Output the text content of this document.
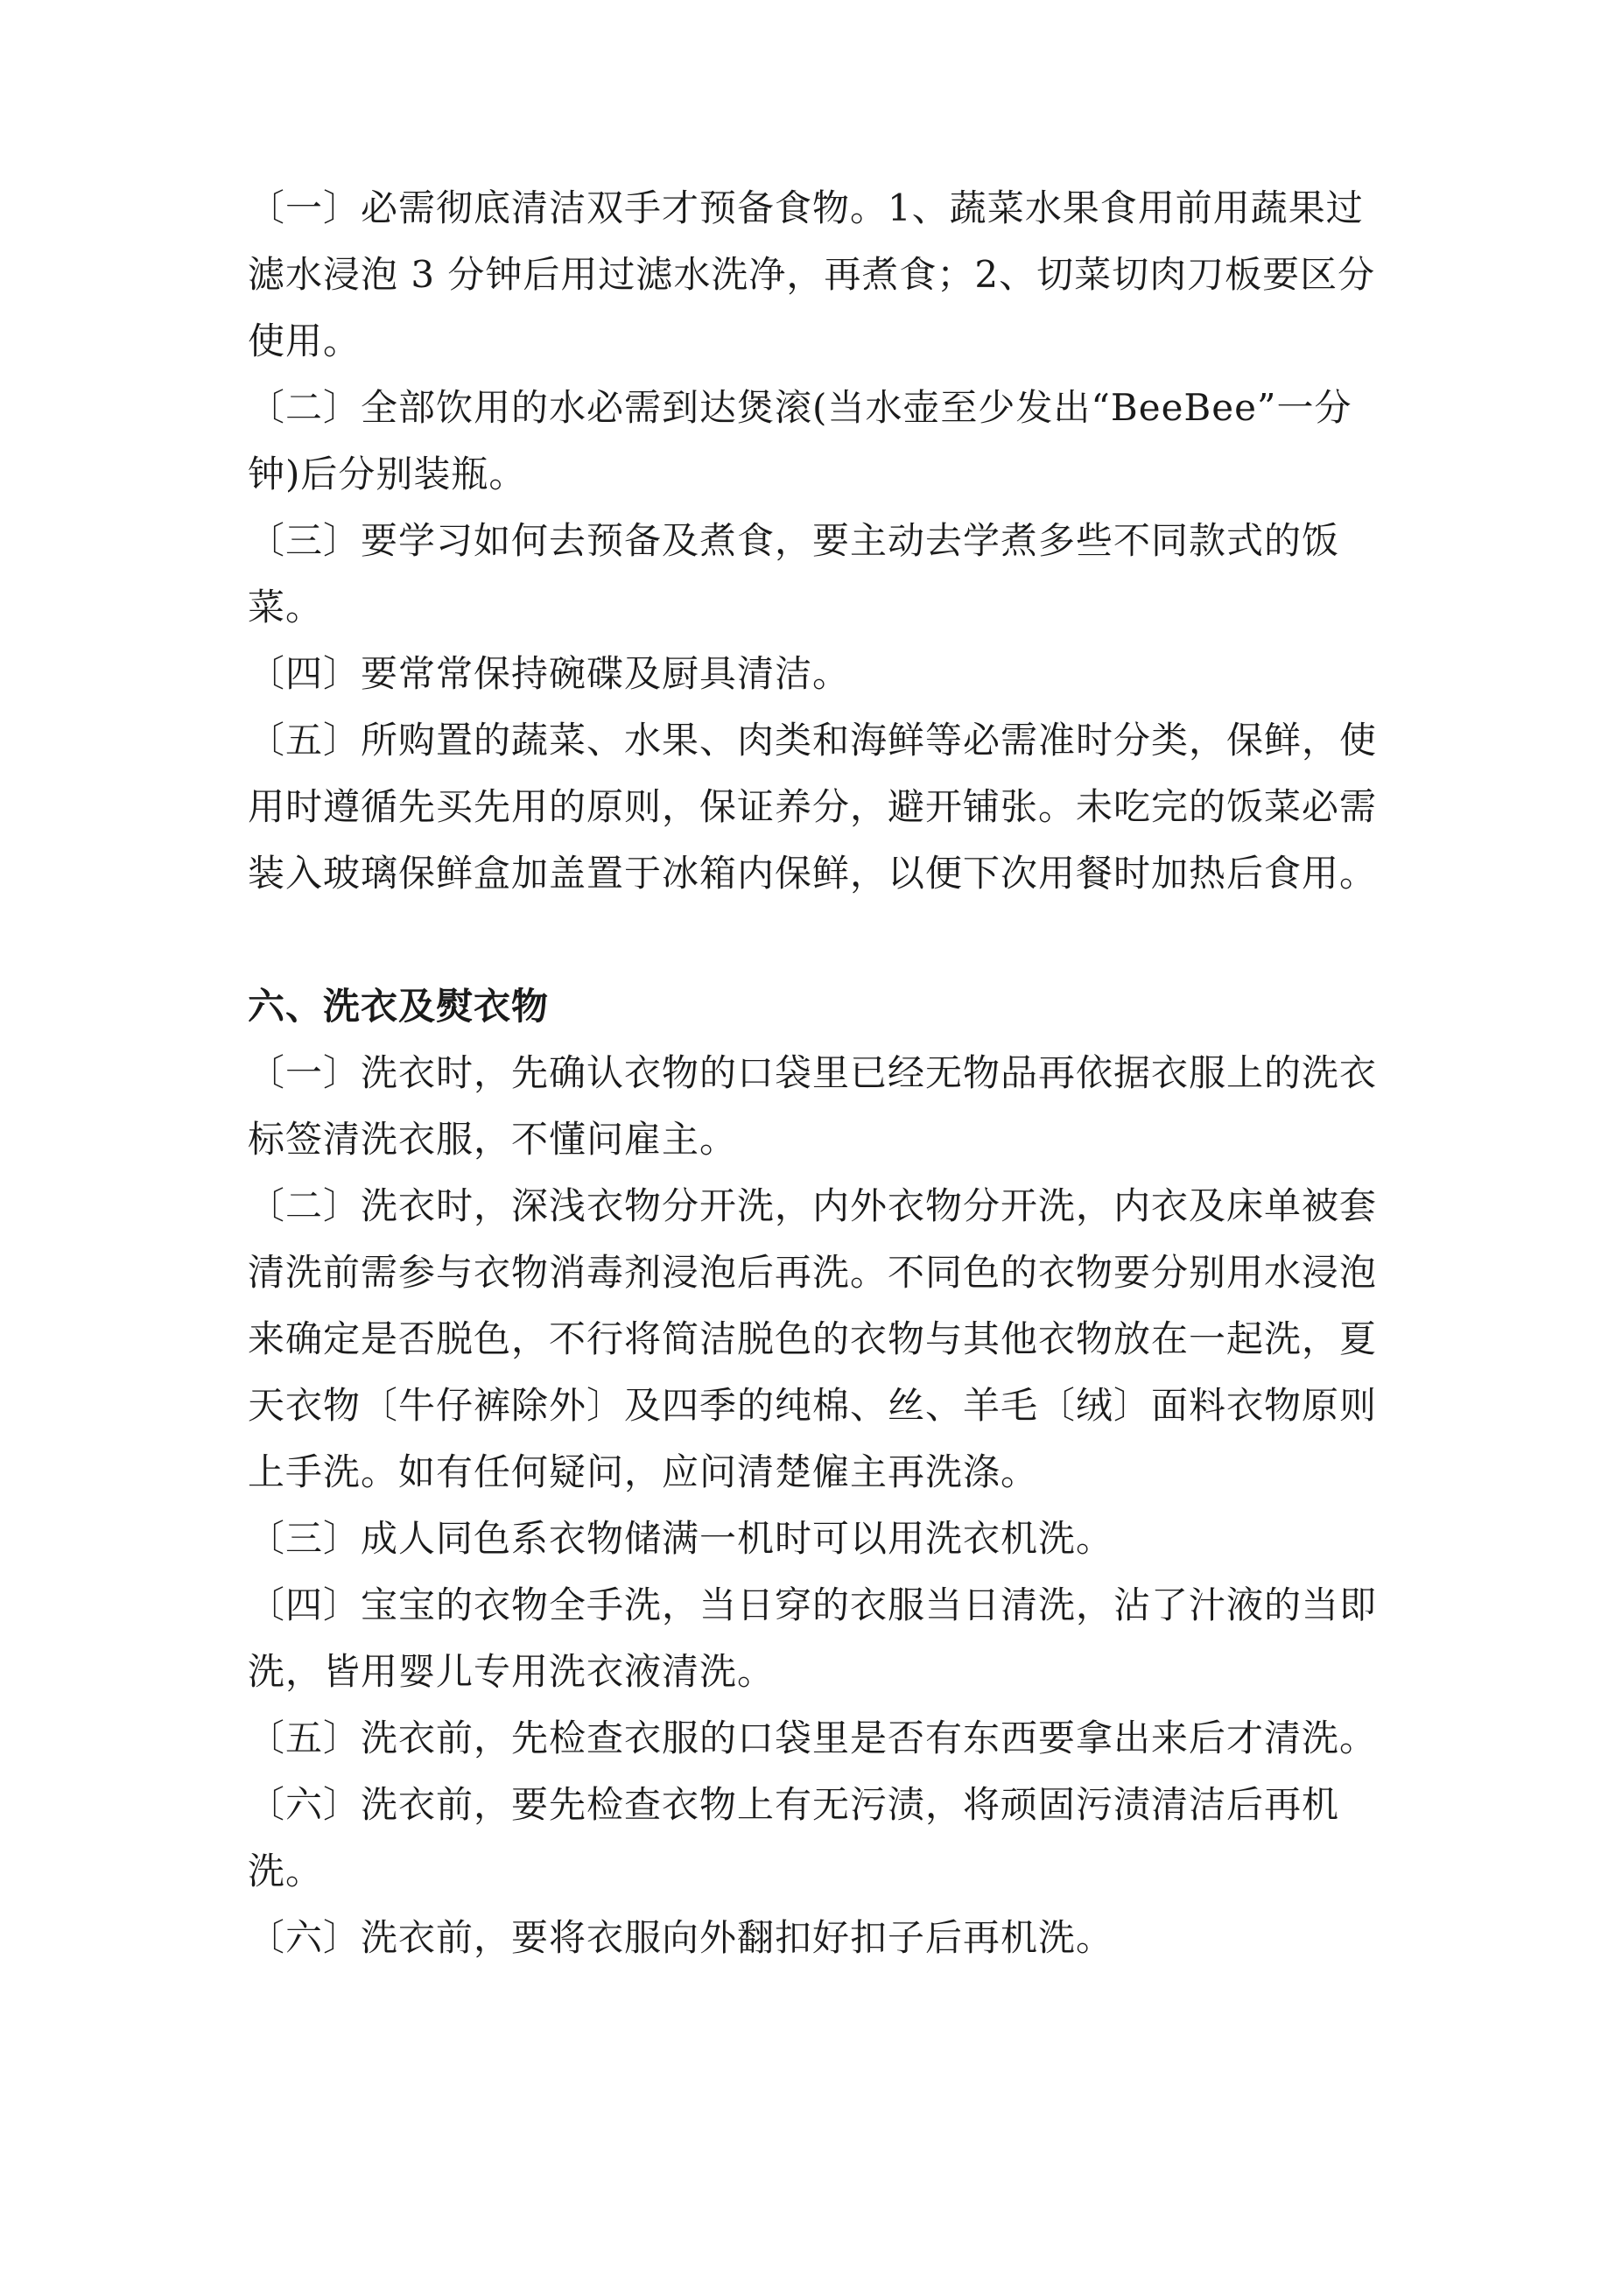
〔一〕必需彻底清洁双手才预备食物。1、蔬菜水果食用前用蔬果过滤水浸泡 3 分钟后用过滤水洗净，再煮食；2、切菜切肉刀板要区分使用。

〔二〕全部饮用的水必需到达煲滚(当水壶至少发出“BeeBee”一分钟)后分别装瓶。

〔三〕要学习如何去预备及煮食，要主动去学煮多些不同款式的饭菜。

〔四〕要常常保持碗碟及厨具清洁。

〔五〕所购置的蔬菜、水果、肉类和海鲜等必需准时分类，保鲜，使用时遵循先买先用的原则，保证养分，避开铺张。未吃完的饭菜必需装入玻璃保鲜盒加盖置于冰箱内保鲜，以便下次用餐时加热后食用。

六、洗衣及熨衣物

〔一〕洗衣时，先确认衣物的口袋里已经无物品再依据衣服上的洗衣标签清洗衣服，不懂问雇主。

〔二〕洗衣时，深浅衣物分开洗，内外衣物分开洗，内衣及床单被套清洗前需参与衣物消毒剂浸泡后再洗。不同色的衣物要分别用水浸泡来确定是否脱色，不行将简洁脱色的衣物与其他衣物放在一起洗，夏天衣物〔牛仔裤除外〕及四季的纯棉、丝、羊毛〔绒〕面料衣物原则上手洗。如有任何疑问，应问清楚僱主再洗涤。

〔三〕成人同色系衣物储满一机时可以用洗衣机洗。

〔四〕宝宝的衣物全手洗，当日穿的衣服当日清洗，沾了汁液的当即洗，皆用婴儿专用洗衣液清洗。

〔五〕洗衣前，先检查衣服的口袋里是否有东西要拿出来后才清洗。

〔六〕洗衣前，要先检查衣物上有无污渍，将顽固污渍清洁后再机洗。

〔六〕洗衣前，要将衣服向外翻扣好扣子后再机洗。
